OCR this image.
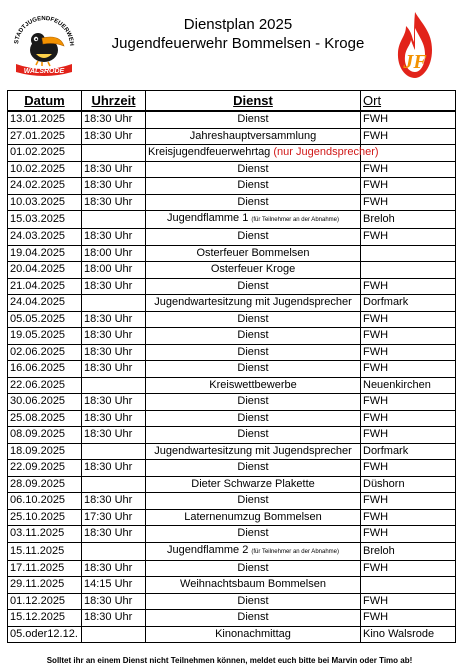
STADTJUGENDFEUERWEH
WALSRODE
Dienstplan 2025
Jugendfeuerwehr Bommelsen - Kroge
JF
Datum	Uhrzeit	Dienst	Ort
13.01.2025	18:30 Uhr	Dienst	FWH
27.01.2025	18:30 Uhr	Jahreshauptversammlung	FWH
01.02.2025		Kreisjugendfeuerwehrtag (nur Jugendsprecher)	
10.02.2025	18:30 Uhr	Dienst	FWH
24.02.2025	18:30 Uhr	Dienst	FWH
10.03.2025	18:30 Uhr	Dienst	FWH
15.03.2025		Jugendflamme 1 (für Teilnehmer an der Abnahme)	Breloh
24.03.2025	18:30 Uhr	Dienst	FWH
19.04.2025	18:00 Uhr	Osterfeuer Bommelsen	
20.04.2025	18:00 Uhr	Osterfeuer Kroge	
21.04.2025	18:30 Uhr	Dienst	FWH
24.04.2025		Jugendwartesitzung mit Jugendsprecher	Dorfmark
05.05.2025	18:30 Uhr	Dienst	FWH
19.05.2025	18:30 Uhr	Dienst	FWH
02.06.2025	18:30 Uhr	Dienst	FWH
16.06.2025	18:30 Uhr	Dienst	FWH
22.06.2025		Kreiswettbewerbe	Neuenkirchen
30.06.2025	18:30 Uhr	Dienst	FWH
25.08.2025	18:30 Uhr	Dienst	FWH
08.09.2025	18:30 Uhr	Dienst	FWH
18.09.2025		Jugendwartesitzung mit Jugendsprecher	Dorfmark
22.09.2025	18:30 Uhr	Dienst	FWH
28.09.2025		Dieter Schwarze Plakette	Düshorn
06.10.2025	18:30 Uhr	Dienst	FWH
25.10.2025	17:30 Uhr	Laternenumzug Bommelsen	FWH
03.11.2025	18:30 Uhr	Dienst	FWH
15.11.2025		Jugendflamme 2 (für Teilnehmer an der Abnahme)	Breloh
17.11.2025	18:30 Uhr	Dienst	FWH
29.11.2025	14:15 Uhr	Weihnachtsbaum Bommelsen	
01.12.2025	18:30 Uhr	Dienst	FWH
15.12.2025	18:30 Uhr	Dienst	FWH
05.oder12.12.		Kinonachmittag	Kino Walsrode
Solltet ihr an einem Dienst nicht Teilnehmen können, meldet euch bitte bei Marvin oder Timo ab!
